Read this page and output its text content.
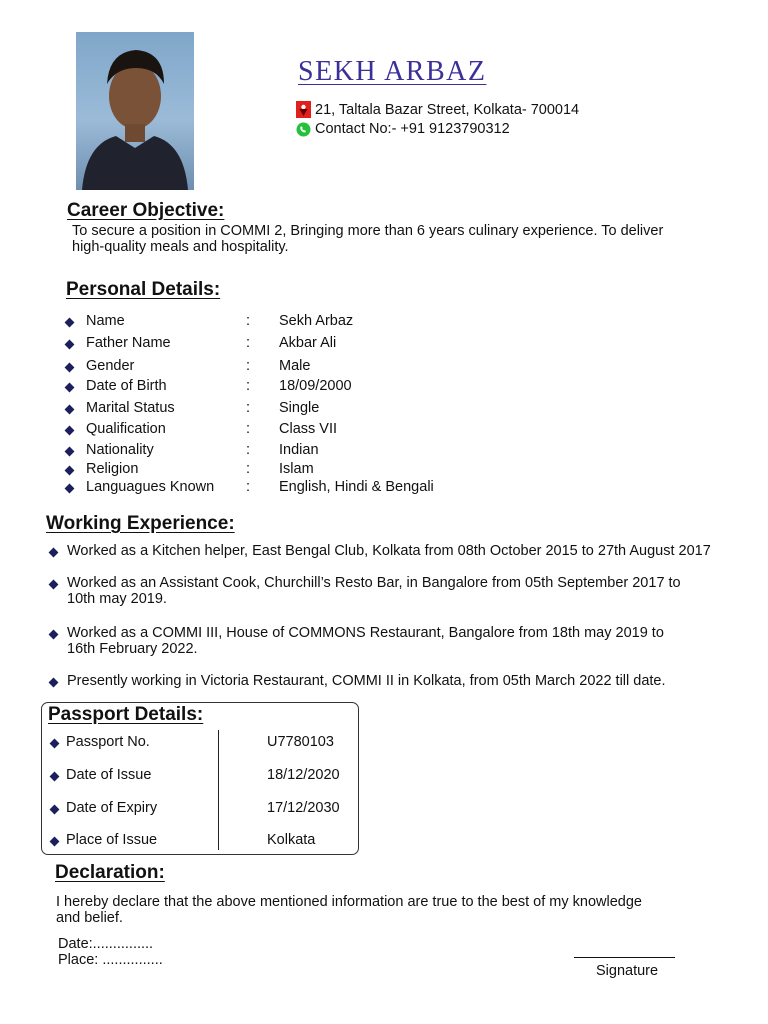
SEKH ARBAZ
21, Taltala Bazar Street, Kolkata- 700014
Contact No:- +91 9123790312
Career Objective:
To secure a position in COMMI 2, Bringing more than 6 years culinary experience. To deliver
high-quality meals and hospitality.
Personal Details:
Name	: Sekh Arbaz
Father Name	: Akbar Ali
Gender	: Male
Date of Birth	: 18/09/2000
Marital Status	: Single
Qualification	: Class VII
Nationality	: Indian
Religion	: Islam
Languagues Known : English, Hindi & Bengali
Working Experience:
Worked as a Kitchen helper, East Bengal Club, Kolkata from 08th October 2015 to 27th August 2017
Worked as an Assistant Cook, Churchill’s Resto Bar, in Bangalore from 05th September 2017 to
10th may 2019.
Worked as a COMMI III, House of COMMONS Restaurant, Bangalore from 18th may 2019 to
16th February 2022.
Presently working in Victoria Restaurant, COMMI II in Kolkata, from 05th March 2022 till date.
Passport Details:
Passport No.	U7780103
Date of Issue	18/12/2020
Date of Expiry	17/12/2030
Place of Issue	Kolkata
Declaration:
I hereby declare that the above mentioned information are true to the best of my knowledge
and belief.
Date:...............
Place: ...............
Signature
